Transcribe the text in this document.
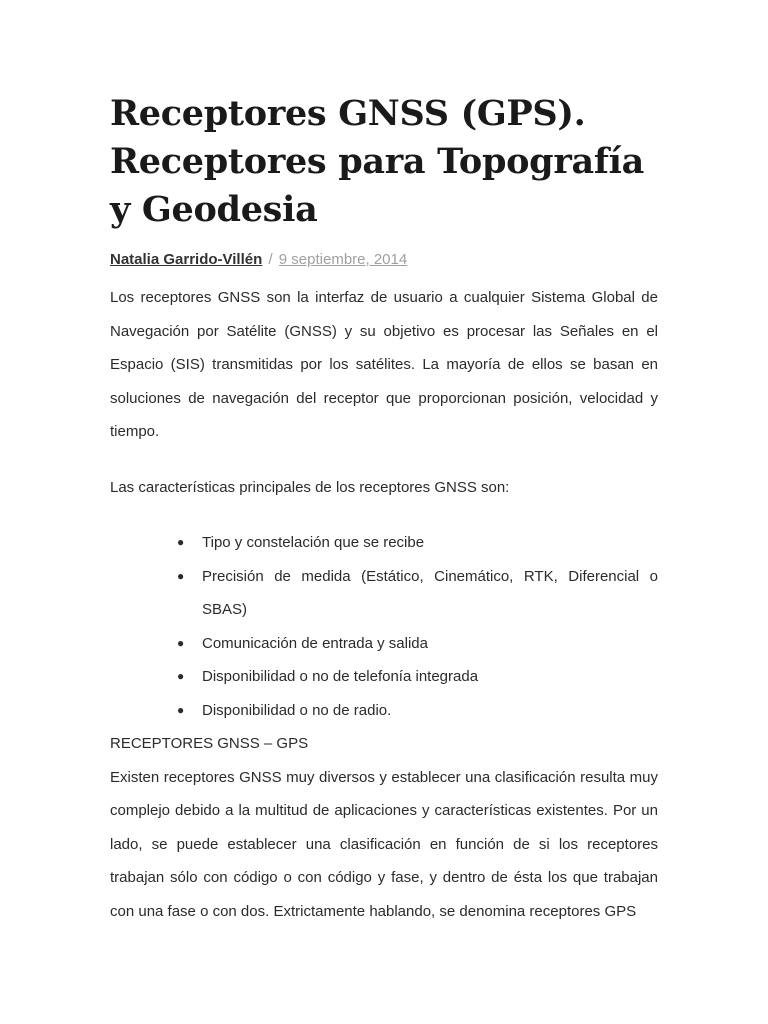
Receptores GNSS (GPS). Receptores para Topografía y Geodesia
Natalia Garrido-Villén / 9 septiembre, 2014

Los receptores GNSS son la interfaz de usuario a cualquier Sistema Global de Navegación por Satélite (GNSS) y su objetivo es procesar las Señales en el Espacio (SIS) transmitidas por los satélites. La mayoría de ellos se basan en soluciones de navegación del receptor que proporcionan posición, velocidad y tiempo.

Las características principales de los receptores GNSS son:

● Tipo y constelación que se recibe
● Precisión de medida (Estático, Cinemático, RTK, Diferencial o SBAS)
● Comunicación de entrada y salida
● Disponibilidad o no de telefonía integrada
● Disponibilidad o no de radio.

RECEPTORES GNSS – GPS

Existen receptores GNSS muy diversos y establecer una clasificación resulta muy complejo debido a la multitud de aplicaciones y características existentes. Por un lado, se puede establecer una clasificación en función de si los receptores trabajan sólo con código o con código y fase, y dentro de ésta los que trabajan con una fase o con dos. Extrictamente hablando, se denomina receptores GPS
